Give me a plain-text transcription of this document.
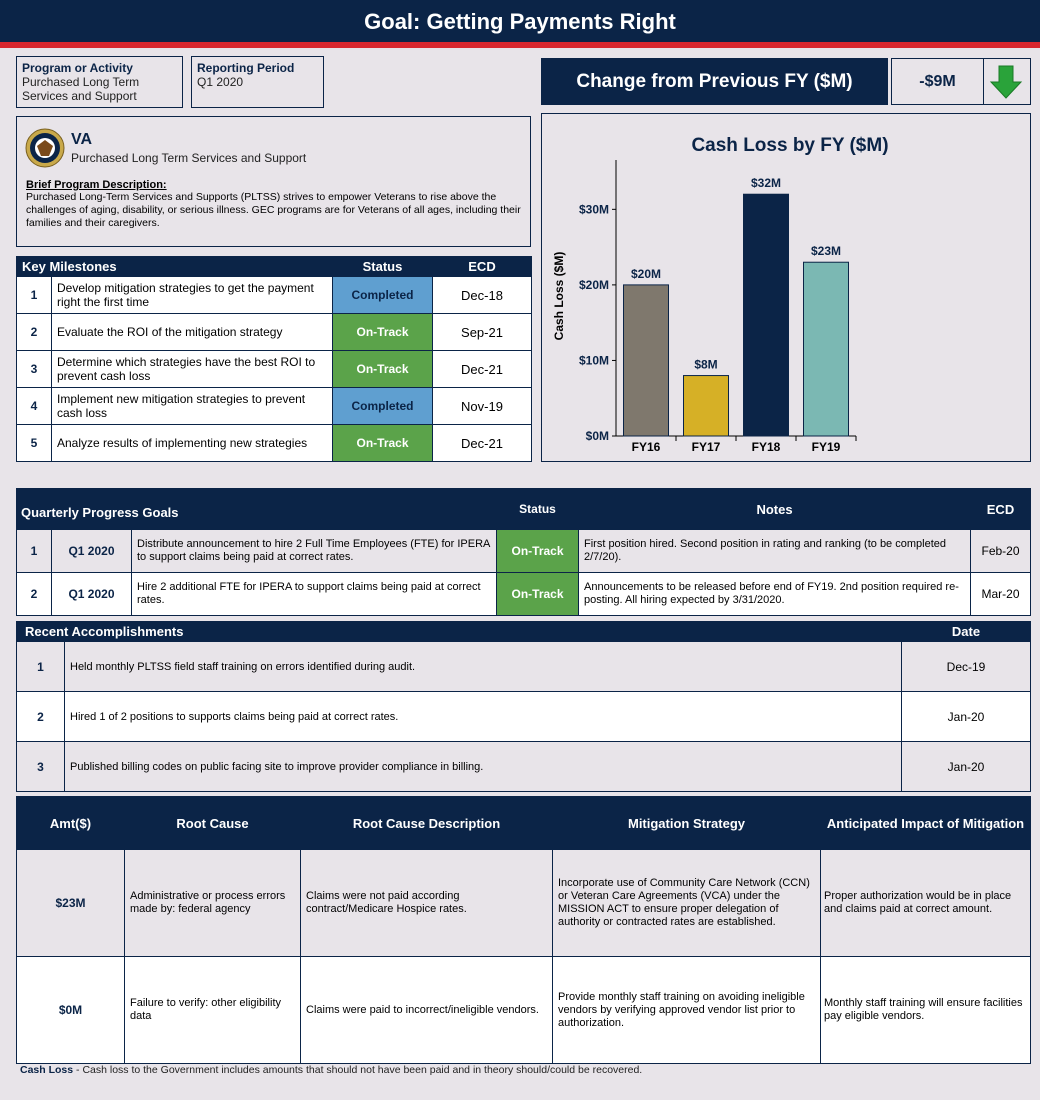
Goal: Getting Payments Right
Program or Activity
Purchased Long Term Services and Support
Reporting Period
Q1 2020	Change from Previous FY ($M)	-$9M
VA
Purchased Long Term Services and Support
Brief Program Description:
Purchased Long-Term Services and Supports (PLTSS) strives to empower Veterans to rise above the challenges of aging, disability, or serious illness. GEC programs are for Veterans of all ages, including their families and their caregivers.
Key Milestones		Status	ECD
1	Develop mitigation strategies to get the payment right the first time	Completed	Dec-18
2	Evaluate the ROI of the mitigation strategy	On-Track	Sep-21
3	Determine which strategies have the best ROI to prevent cash loss	On-Track	Dec-21
4	Implement new mitigation strategies to prevent cash loss	Completed	Nov-19
5	Analyze results of implementing new strategies	On-Track	Dec-21
Cash Loss by FY ($M)
Cash Loss ($M)
$0M
$10M
$20M
$30M
$20M
FY16
$8M
FY17
$32M
FY18
$23M
FY19
Quarterly Progress Goals			Status	Notes	ECD
1	Q1 2020	Distribute announcement to hire 2 Full Time Employees (FTE) for IPERA to support claims being paid at correct rates.	On-Track	First position hired. Second position in rating and ranking (to be completed 2/7/20).	Feb-20
2	Q1 2020	Hire 2 additional FTE for IPERA to support claims being paid at correct rates.	On-Track	Announcements to be released before end of FY19. 2nd position required re-posting. All hiring expected by 3/31/2020.	Mar-20
Recent Accomplishments		Date
1	Held monthly PLTSS field staff training on errors identified during audit.	Dec-19
2	Hired 1 of 2 positions to supports claims being paid at correct rates.	Jan-20
3	Published billing codes on public facing site to improve provider compliance in billing.	Jan-20
Amt($)	Root Cause	Root Cause Description	Mitigation Strategy	Anticipated Impact of Mitigation
$23M	Administrative or process errors made by: federal agency	Claims were not paid according contract/Medicare Hospice rates.	Incorporate use of Community Care Network (CCN) or Veteran Care Agreements (VCA) under the MISSION ACT to ensure proper delegation of authority or contracted rates are established.	Proper authorization would be in place and claims paid at correct amount.
$0M	Failure to verify: other eligibility data	Claims were paid to incorrect/ineligible vendors.	Provide monthly staff training on avoiding ineligible vendors by verifying approved vendor list prior to authorization.	Monthly staff training will ensure facilities pay eligible vendors.
Cash Loss - Cash loss to the Government includes amounts that should not have been paid and in theory should/could be recovered.
